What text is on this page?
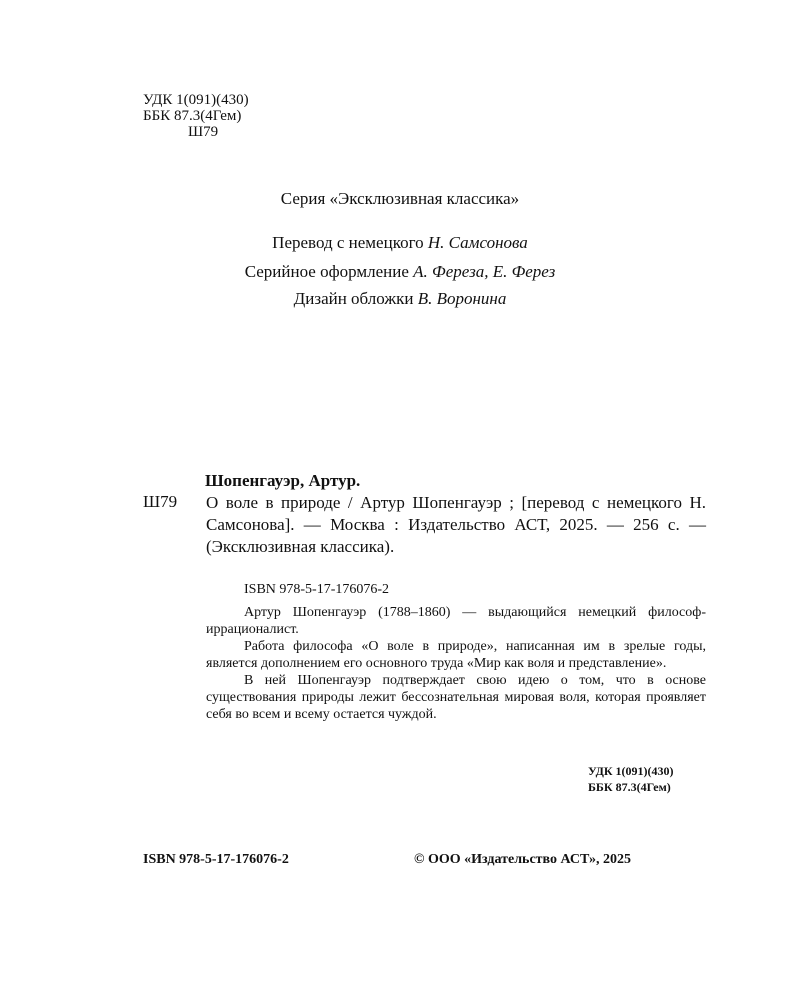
УДК 1(091)(430)
ББК 87.3(4Гем)
Ш79
Серия «Эксклюзивная классика»
Перевод с немецкого Н. Самсонова
Серийное оформление А. Фереза, Е. Ферез
Дизайн обложки В. Воронина
Шопенгауэр, Артур.
Ш79 О воле в природе / Артур Шопенгауэр ; [перевод с немецкого Н. Самсонова]. — Москва : Издательство АСТ, 2025. — 256 с. — (Эксклюзивная классика).
ISBN 978-5-17-176076-2

Артур Шопенгауэр (1788–1860) — выдающийся немецкий философ-иррационалист.

Работа философа «О воле в природе», написанная им в зрелые годы, является дополнением его основного труда «Мир как воля и представление».

В ней Шопенгауэр подтверждает свою идею о том, что в основе существования природы лежит бессознательная мировая воля, которая проявляет себя во всем и всему остается чуждой.

УДК 1(091)(430)
ББК 87.3(4Гем)
ISBN 978-5-17-176076-2	© ООО «Издательство АСТ», 2025
